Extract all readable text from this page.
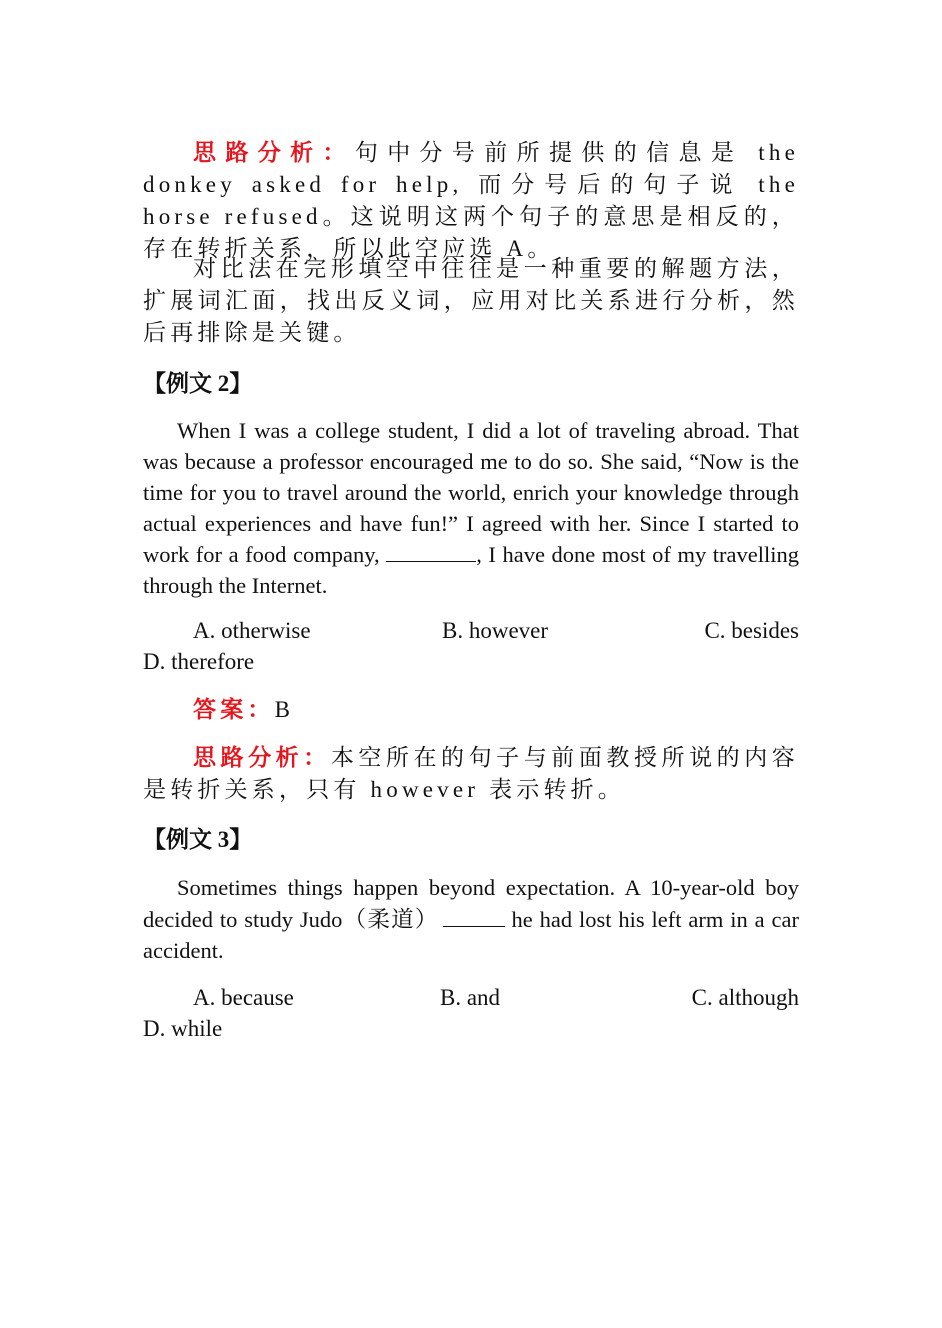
思路分析：句中分号前所提供的信息是 the donkey asked for help, 而分号后的句子说 the horse refused。这说明这两个句子的意思是相反的，存在转折关系，所以此空应选 A。

对比法在完形填空中往往是一种重要的解题方法，扩展词汇面，找出反义词，应用对比关系进行分析，然后再排除是关键。

【例文 2】

When I was a college student, I did a lot of traveling abroad. That was because a professor encouraged me to do so. She said, “Now is the time for you to travel around the world, enrich your knowledge through actual experiences and have fun!” I agreed with her. Since I started to work for a food company,	, I have done most of my travelling through the Internet.

A. otherwise	B. however	C. besides

D. therefore

答案：B

思路分析：本空所在的句子与前面教授所说的内容是转折关系，只有 however 表示转折。

【例文 3】

Sometimes things happen beyond expectation. A 10-year-old boy decided to study Judo（柔道）	he had lost his left arm in a car accident.

A. because	B. and	C. although

D. while
